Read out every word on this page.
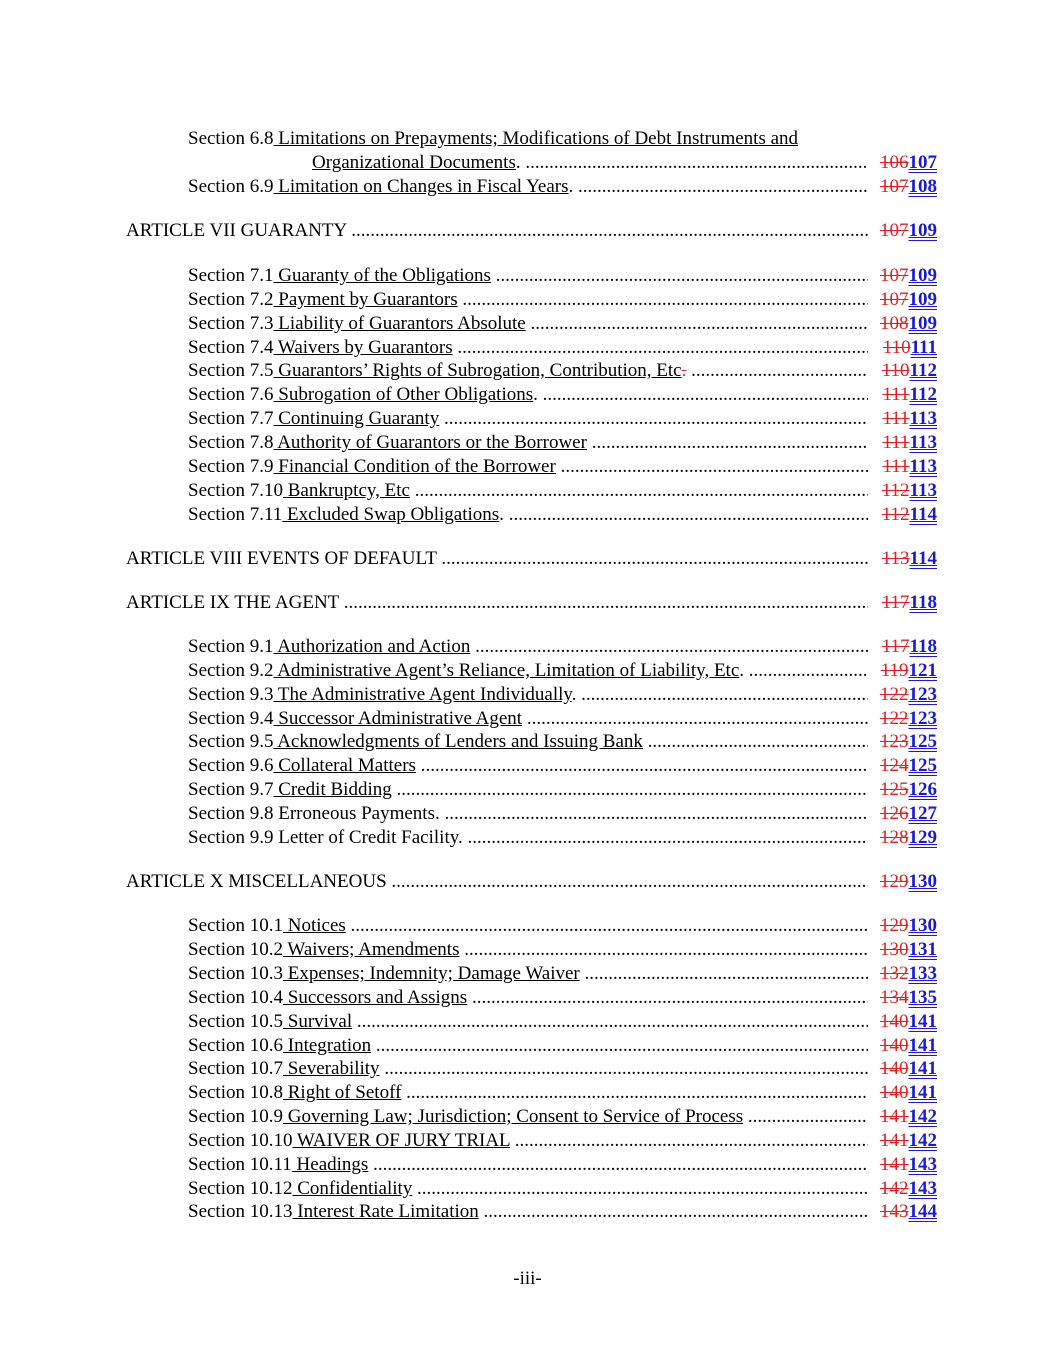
Section 6.8 Limitations on Prepayments; Modifications of Debt Instruments and
Organizational Documents. .....	106107
Section 6.9 Limitation on Changes in Fiscal Years. .....	107108
ARTICLE VII GUARANTY .....	107109
Section 7.1 Guaranty of the Obligations .....	107109
Section 7.2 Payment by Guarantors .....	107109
Section 7.3 Liability of Guarantors Absolute .....	108109
Section 7.4 Waivers by Guarantors .....	110111
Section 7.5 Guarantors’ Rights of Subrogation, Contribution, Etc. .....	110112
Section 7.6 Subrogation of Other Obligations. .....	111112
Section 7.7 Continuing Guaranty .....	111113
Section 7.8 Authority of Guarantors or the Borrower .....	111113
Section 7.9 Financial Condition of the Borrower .....	111113
Section 7.10 Bankruptcy, Etc .....	112113
Section 7.11 Excluded Swap Obligations. .....	112114
ARTICLE VIII EVENTS OF DEFAULT .....	113114
ARTICLE IX THE AGENT .....	117118
Section 9.1 Authorization and Action .....	117118
Section 9.2 Administrative Agent’s Reliance, Limitation of Liability, Etc. .....	119121
Section 9.3 The Administrative Agent Individually. .....	122123
Section 9.4 Successor Administrative Agent .....	122123
Section 9.5 Acknowledgments of Lenders and Issuing Bank .....	123125
Section 9.6 Collateral Matters .....	124125
Section 9.7 Credit Bidding .....	125126
Section 9.8 Erroneous Payments. .....	126127
Section 9.9 Letter of Credit Facility. .....	128129
ARTICLE X MISCELLANEOUS .....	129130
Section 10.1 Notices .....	129130
Section 10.2 Waivers; Amendments .....	130131
Section 10.3 Expenses; Indemnity; Damage Waiver .....	132133
Section 10.4 Successors and Assigns .....	134135
Section 10.5 Survival .....	140141
Section 10.6 Integration .....	140141
Section 10.7 Severability .....	140141
Section 10.8 Right of Setoff .....	140141
Section 10.9 Governing Law; Jurisdiction; Consent to Service of Process .....	141142
Section 10.10 WAIVER OF JURY TRIAL .....	141142
Section 10.11 Headings .....	141143
Section 10.12 Confidentiality .....	142143
Section 10.13 Interest Rate Limitation .....	143144
-iii-
